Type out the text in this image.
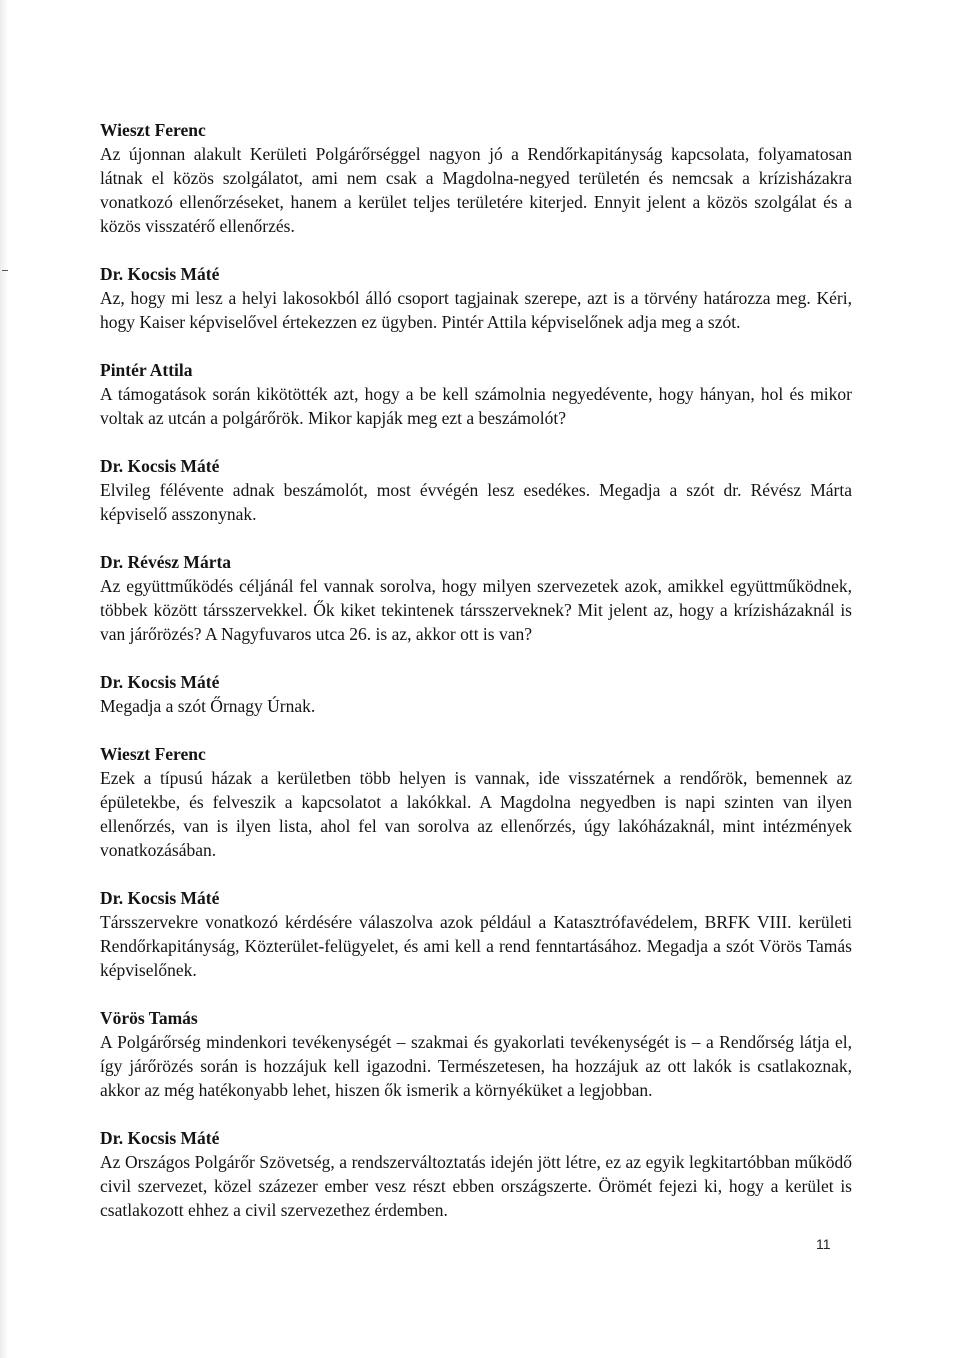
Wieszt Ferenc

Az újonnan alakult Kerületi Polgárőrséggel nagyon jó a Rendőrkapitányság kapcsolata, folyamatosan látnak el közös szolgálatot, ami nem csak a Magdolna-negyed területén és nemcsak a krízisházakra vonatkozó ellenőrzéseket, hanem a kerület teljes területére kiterjed. Ennyit jelent a közös szolgálat és a közös visszatérő ellenőrzés.

Dr. Kocsis Máté

Az, hogy mi lesz a helyi lakosokból álló csoport tagjainak szerepe, azt is a törvény határozza meg. Kéri, hogy Kaiser képviselővel értekezzen ez ügyben. Pintér Attila képviselőnek adja meg a szót.

Pintér Attila

A támogatások során kikötötték azt, hogy a be kell számolnia negyedévente, hogy hányan, hol és mikor voltak az utcán a polgárőrök. Mikor kapják meg ezt a beszámolót?

Dr. Kocsis Máté

Elvileg félévente adnak beszámolót, most évvégén lesz esedékes. Megadja a szót dr. Révész Márta képviselő asszonynak.

Dr. Révész Márta

Az együttműködés céljánál fel vannak sorolva, hogy milyen szervezetek azok, amikkel együttműködnek, többek között társszervekkel. Ők kiket tekintenek társszerveknek? Mit jelent az, hogy a krízisházaknál is van járőrözés? A Nagyfuvaros utca 26. is az, akkor ott is van?

Dr. Kocsis Máté

Megadja a szót Őrnagy Úrnak.

Wieszt Ferenc

Ezek a típusú házak a kerületben több helyen is vannak, ide visszatérnek a rendőrök, bemennek az épületekbe, és felveszik a kapcsolatot a lakókkal. A Magdolna negyedben is napi szinten van ilyen ellenőrzés, van is ilyen lista, ahol fel van sorolva az ellenőrzés, úgy lakóházaknál, mint intézmények vonatkozásában.

Dr. Kocsis Máté

Társszervekre vonatkozó kérdésére válaszolva azok például a Katasztrófavédelem, BRFK VIII. kerületi Rendőrkapitányság, Közterület-felügyelet, és ami kell a rend fenntartásához. Megadja a szót Vörös Tamás képviselőnek.

Vörös Tamás

A Polgárőrség mindenkori tevékenységét – szakmai és gyakorlati tevékenységét is – a Rendőrség látja el, így járőrözés során is hozzájuk kell igazodni. Természetesen, ha hozzájuk az ott lakók is csatlakoznak, akkor az még hatékonyabb lehet, hiszen ők ismerik a környéküket a legjobban.

Dr. Kocsis Máté

Az Országos Polgárőr Szövetség, a rendszerváltoztatás idején jött létre, ez az egyik legkitartóbban működő civil szervezet, közel százezer ember vesz részt ebben országszerte. Örömét fejezi ki, hogy a kerület is csatlakozott ehhez a civil szervezethez érdemben.

11
